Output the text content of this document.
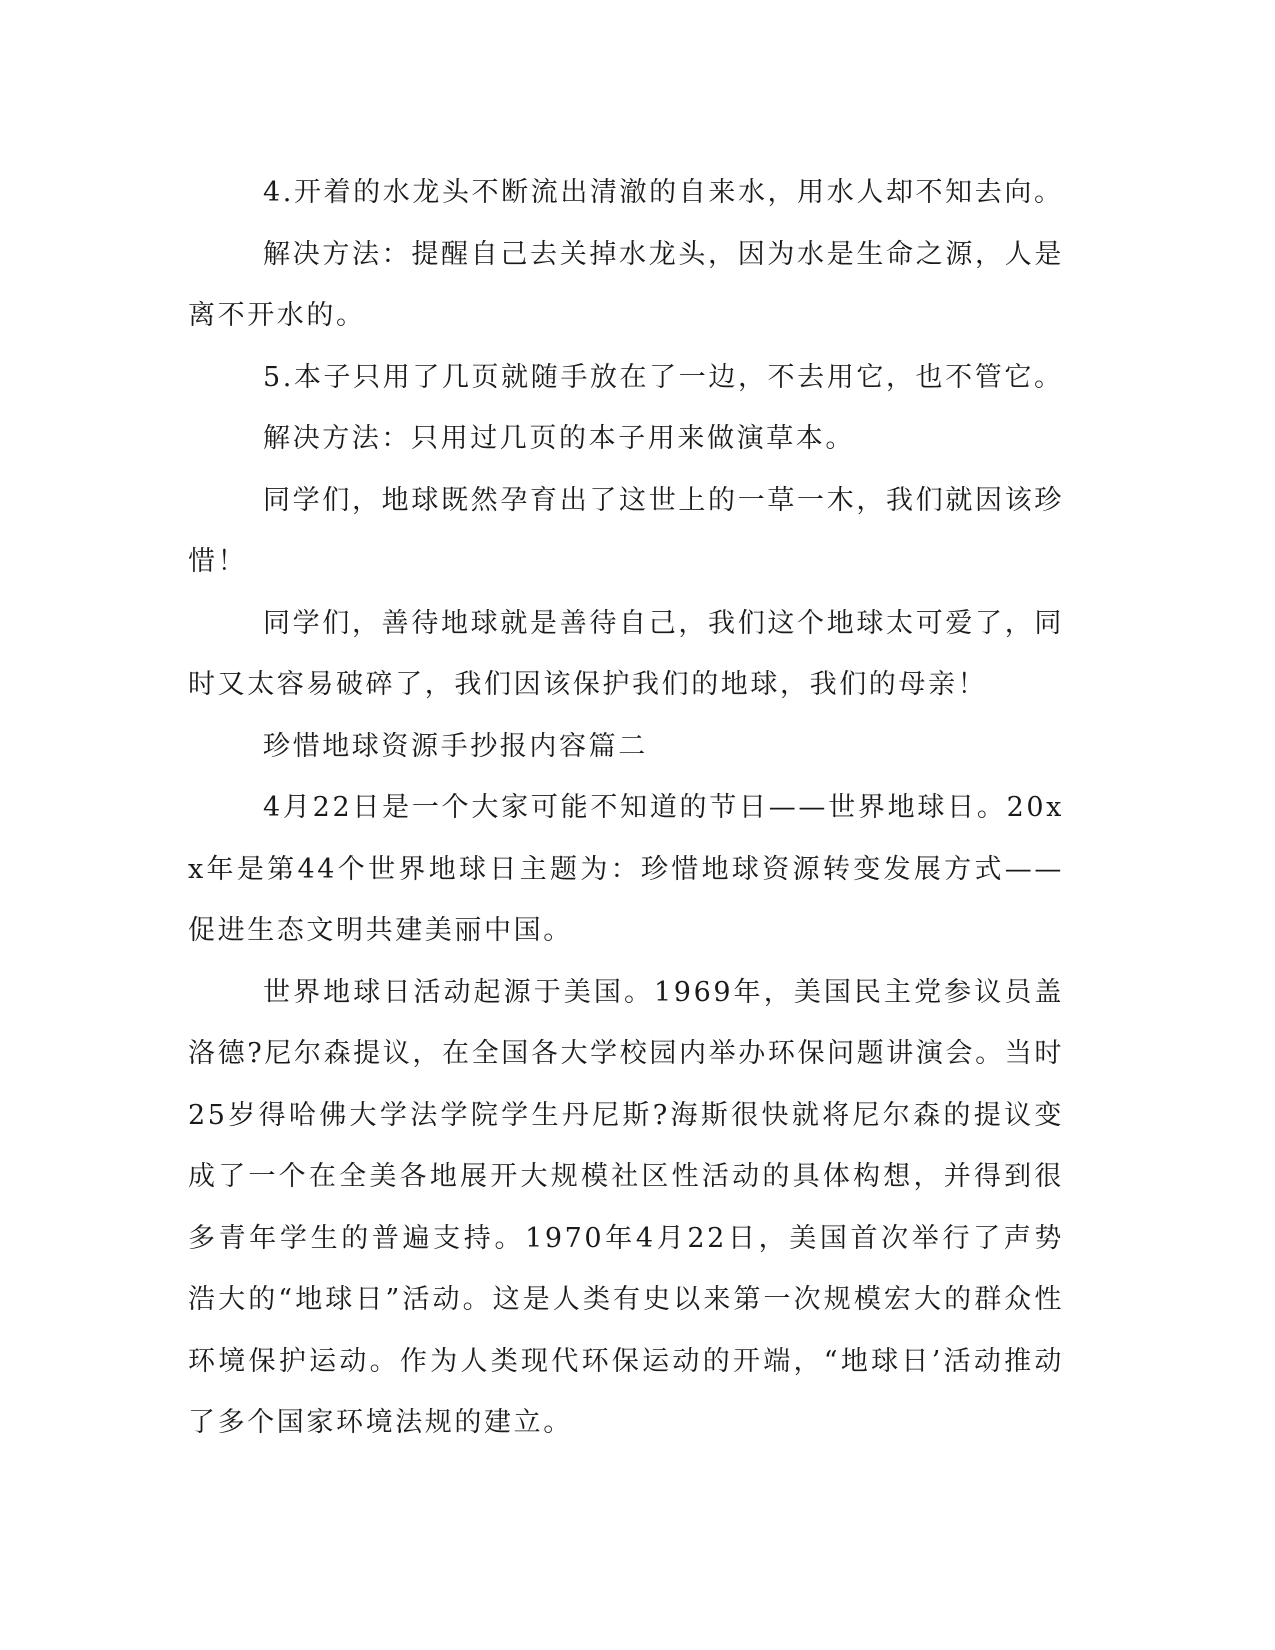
4.开着的水龙头不断流出清澈的自来水，用水人却不知去向。

解决方法：提醒自己去关掉水龙头，因为水是生命之源，人是离不开水的。

5.本子只用了几页就随手放在了一边，不去用它，也不管它。

解决方法：只用过几页的本子用来做演草本。

同学们，地球既然孕育出了这世上的一草一木，我们就因该珍惜！

同学们，善待地球就是善待自己，我们这个地球太可爱了，同时又太容易破碎了，我们因该保护我们的地球，我们的母亲！

珍惜地球资源手抄报内容篇二

4月22日是一个大家可能不知道的节日——世界地球日。20xx年是第44个世界地球日主题为：珍惜地球资源转变发展方式——促进生态文明共建美丽中国。

世界地球日活动起源于美国。1969年，美国民主党参议员盖洛德?尼尔森提议，在全国各大学校园内举办环保问题讲演会。当时25岁得哈佛大学法学院学生丹尼斯?海斯很快就将尼尔森的提议变成了一个在全美各地展开大规模社区性活动的具体构想，并得到很多青年学生的普遍支持。1970年4月22日，美国首次举行了声势浩大的“地球日”活动。这是人类有史以来第一次规模宏大的群众性环境保护运动。作为人类现代环保运动的开端，“地球日’活动推动了多个国家环境法规的建立。
